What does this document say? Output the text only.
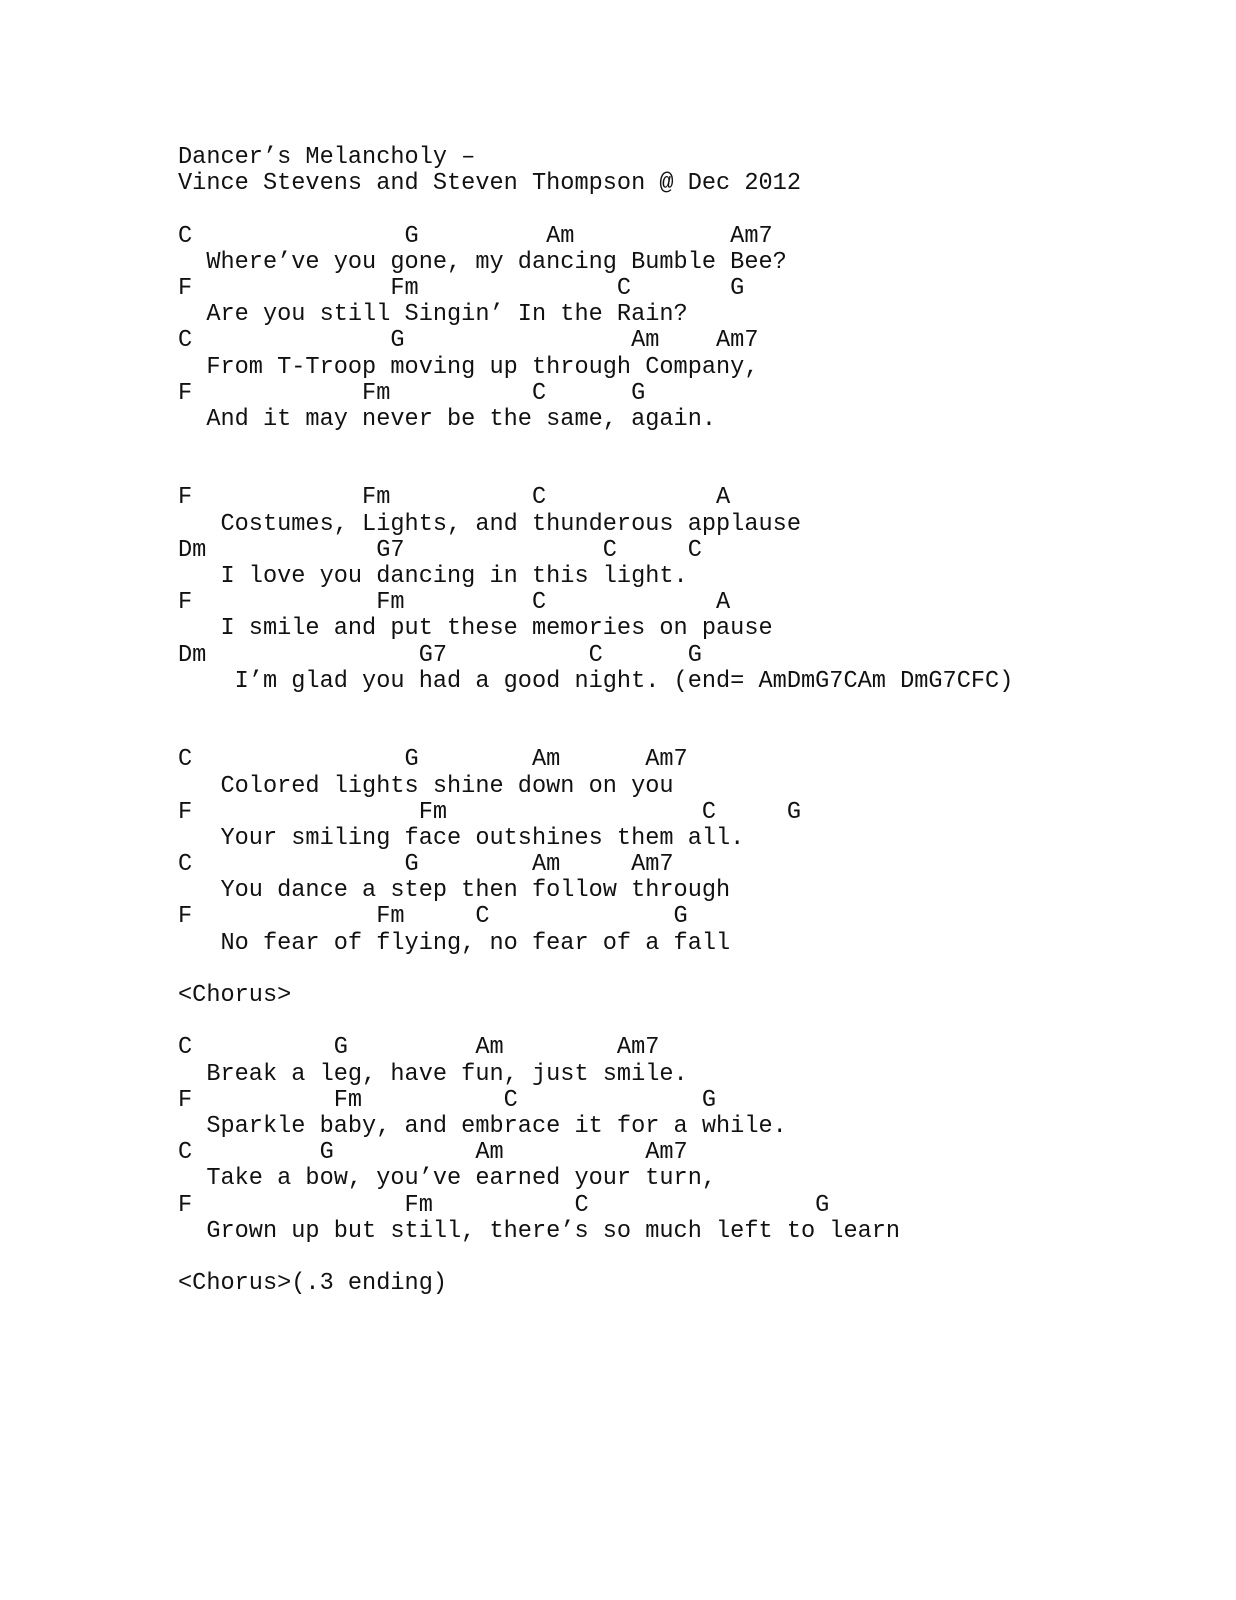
Dancer’s Melancholy –
Vince Stevens and Steven Thompson @ Dec 2012
C               G         Am           Am7
Where’ve you gone, my dancing Bumble Bee?
F              Fm              C       G
Are you still Singin’ In the Rain?
C              G                Am    Am7
From T-Troop moving up through Company,
F            Fm          C      G
And it may never be the same, again.
F            Fm          C            A
Costumes, Lights, and thunderous applause
Dm            G7              C     C
I love you dancing in this light.
F             Fm         C            A
I smile and put these memories on pause
Dm               G7          C      G
I’m glad you had a good night. (end= AmDmG7CAm DmG7CFC)
C               G        Am      Am7
Colored lights shine down on you
F                Fm                  C     G
Your smiling face outshines them all.
C               G        Am     Am7
You dance a step then follow through
F             Fm     C             G
No fear of flying, no fear of a fall
<Chorus>
C          G         Am        Am7
Break a leg, have fun, just smile.
F          Fm          C             G
Sparkle baby, and embrace it for a while.
C         G          Am          Am7
Take a bow, you’ve earned your turn,
F               Fm          C                G
Grown up but still, there’s so much left to learn
<Chorus>(.3 ending)
